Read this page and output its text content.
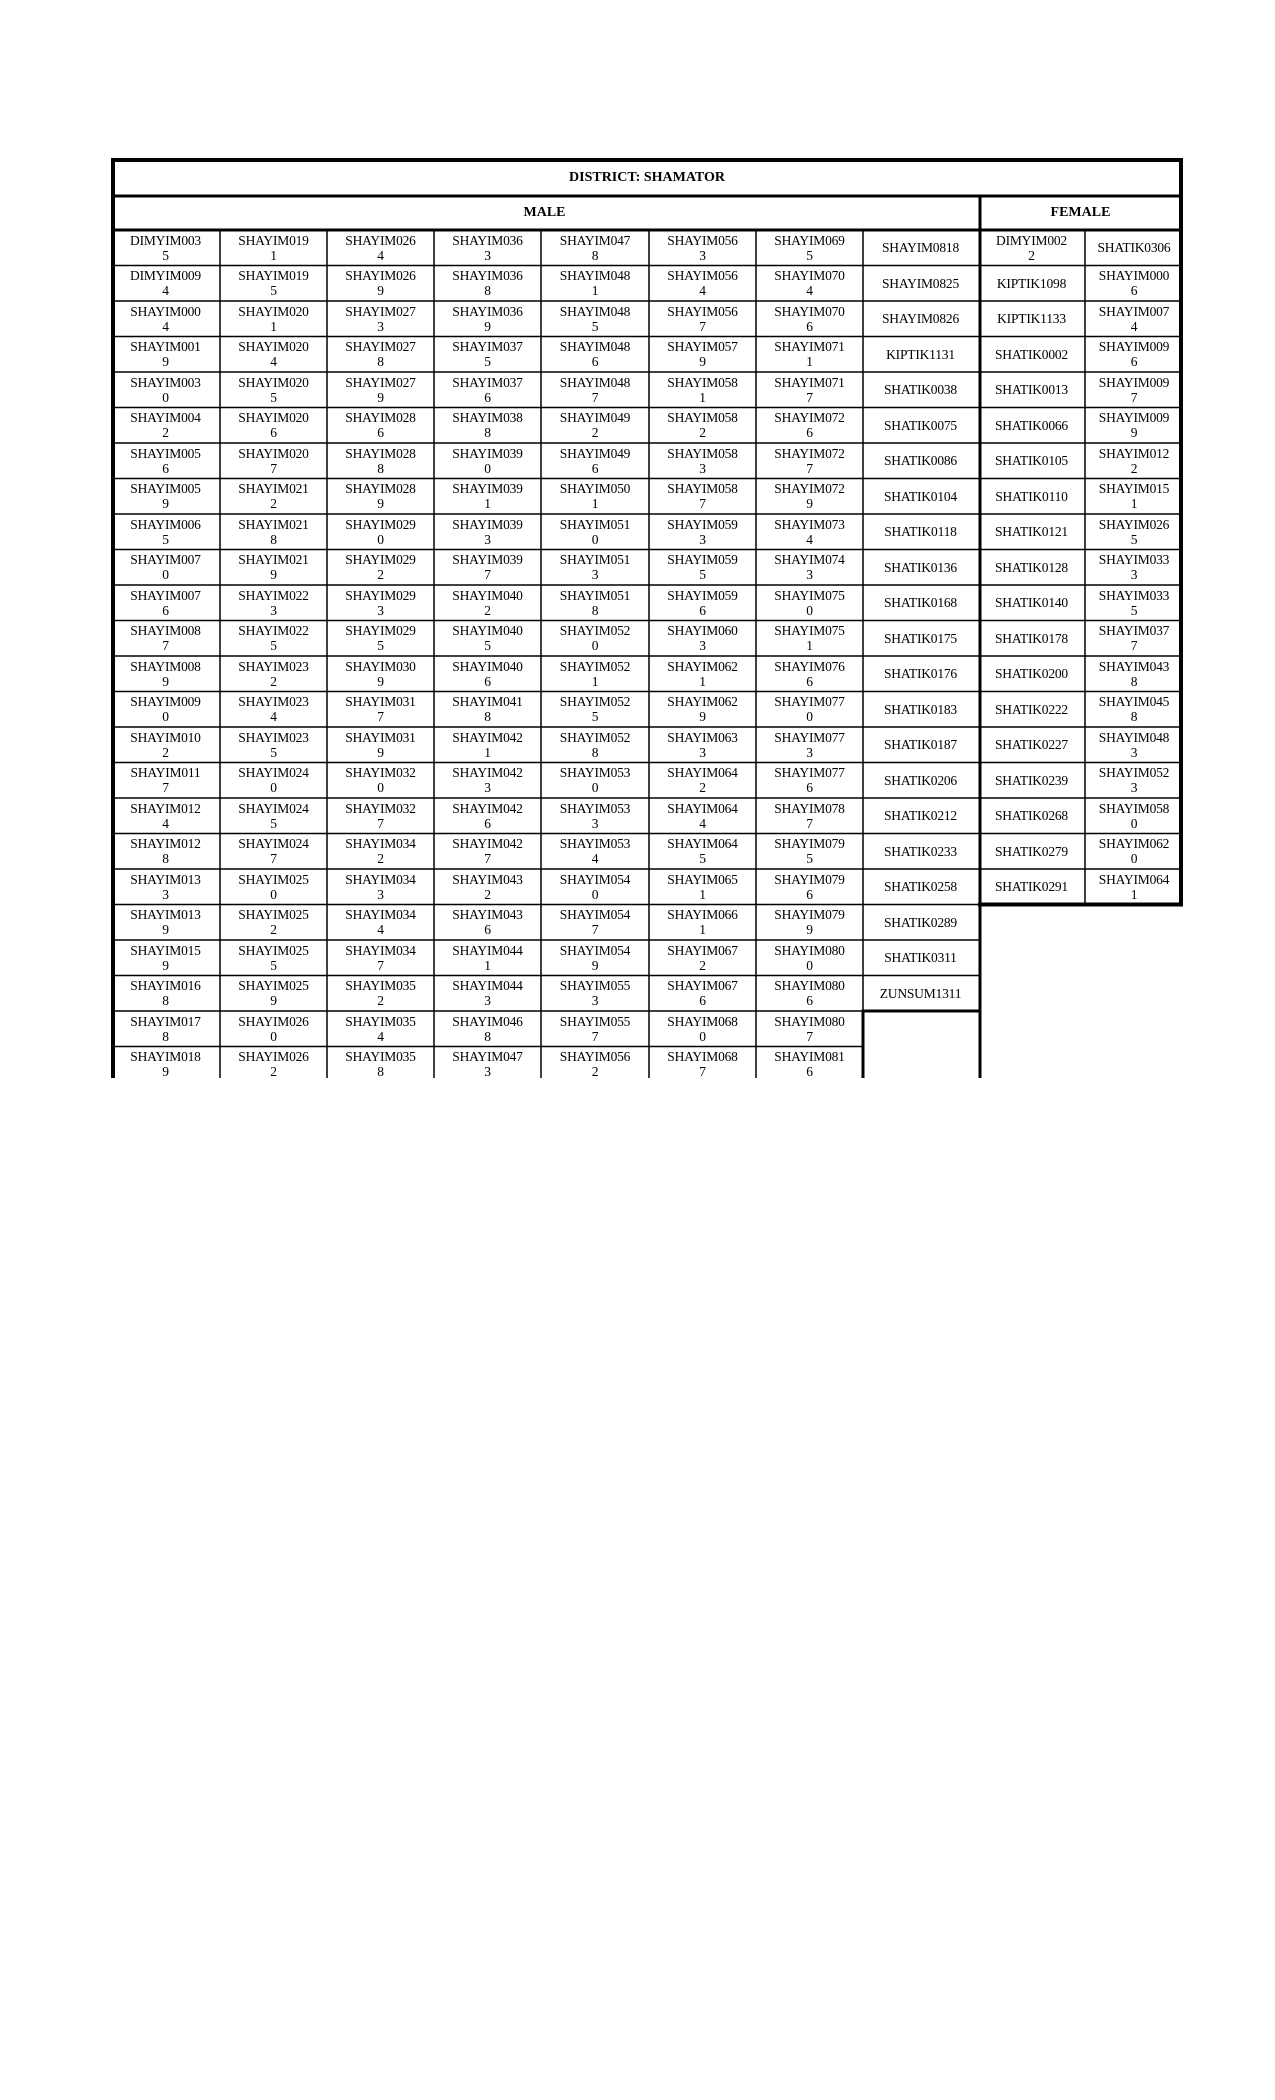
DISTRICT: SHAMATOR
MALE	FEMALE
DIMYIM003
5
DIMYIM009
4
SHAYIM000
4
SHAYIM001
9
SHAYIM003
0
SHAYIM004
2
SHAYIM005
6
SHAYIM005
9
SHAYIM006
5
SHAYIM007
0
SHAYIM007
6
SHAYIM008
7
SHAYIM008
9
SHAYIM009
0
SHAYIM010
2
SHAYIM011
7
SHAYIM012
4
SHAYIM012
8
SHAYIM013
3
SHAYIM013
9
SHAYIM015
9
SHAYIM016
8
SHAYIM017
8
SHAYIM018
9
SHAYIM019
1
SHAYIM019
5
SHAYIM020
1
SHAYIM020
4
SHAYIM020
5
SHAYIM020
6
SHAYIM020
7
SHAYIM021
2
SHAYIM021
8
SHAYIM021
9
SHAYIM022
3
SHAYIM022
5
SHAYIM023
2
SHAYIM023
4
SHAYIM023
5
SHAYIM024
0
SHAYIM024
5
SHAYIM024
7
SHAYIM025
0
SHAYIM025
2
SHAYIM025
5
SHAYIM025
9
SHAYIM026
0
SHAYIM026
2
SHAYIM026
4
SHAYIM026
9
SHAYIM027
3
SHAYIM027
8
SHAYIM027
9
SHAYIM028
6
SHAYIM028
8
SHAYIM028
9
SHAYIM029
0
SHAYIM029
2
SHAYIM029
3
SHAYIM029
5
SHAYIM030
9
SHAYIM031
7
SHAYIM031
9
SHAYIM032
0
SHAYIM032
7
SHAYIM034
2
SHAYIM034
3
SHAYIM034
4
SHAYIM034
7
SHAYIM035
2
SHAYIM035
4
SHAYIM035
8
SHAYIM036
3
SHAYIM036
8
SHAYIM036
9
SHAYIM037
5
SHAYIM037
6
SHAYIM038
8
SHAYIM039
0
SHAYIM039
1
SHAYIM039
3
SHAYIM039
7
SHAYIM040
2
SHAYIM040
5
SHAYIM040
6
SHAYIM041
8
SHAYIM042
1
SHAYIM042
3
SHAYIM042
6
SHAYIM042
7
SHAYIM043
2
SHAYIM043
6
SHAYIM044
1
SHAYIM044
3
SHAYIM046
8
SHAYIM047
3
SHAYIM047
8
SHAYIM048
1
SHAYIM048
5
SHAYIM048
6
SHAYIM048
7
SHAYIM049
2
SHAYIM049
6
SHAYIM050
1
SHAYIM051
0
SHAYIM051
3
SHAYIM051
8
SHAYIM052
0
SHAYIM052
1
SHAYIM052
5
SHAYIM052
8
SHAYIM053
0
SHAYIM053
3
SHAYIM053
4
SHAYIM054
0
SHAYIM054
7
SHAYIM054
9
SHAYIM055
3
SHAYIM055
7
SHAYIM056
2
SHAYIM056
3
SHAYIM056
4
SHAYIM056
7
SHAYIM057
9
SHAYIM058
1
SHAYIM058
2
SHAYIM058
3
SHAYIM058
7
SHAYIM059
3
SHAYIM059
5
SHAYIM059
6
SHAYIM060
3
SHAYIM062
1
SHAYIM062
9
SHAYIM063
3
SHAYIM064
2
SHAYIM064
4
SHAYIM064
5
SHAYIM065
1
SHAYIM066
1
SHAYIM067
2
SHAYIM067
6
SHAYIM068
0
SHAYIM068
7
SHAYIM069
5
SHAYIM070
4
SHAYIM070
6
SHAYIM071
1
SHAYIM071
7
SHAYIM072
6
SHAYIM072
7
SHAYIM072
9
SHAYIM073
4
SHAYIM074
3
SHAYIM075
0
SHAYIM075
1
SHAYIM076
6
SHAYIM077
0
SHAYIM077
3
SHAYIM077
6
SHAYIM078
7
SHAYIM079
5
SHAYIM079
6
SHAYIM079
9
SHAYIM080
0
SHAYIM080
6
SHAYIM080
7
SHAYIM081
6
SHAYIM0818
SHAYIM0825
SHAYIM0826
KIPTIK1131
SHATIK0038
SHATIK0075
SHATIK0086
SHATIK0104
SHATIK0118
SHATIK0136
SHATIK0168
SHATIK0175
SHATIK0176
SHATIK0183
SHATIK0187
SHATIK0206
SHATIK0212
SHATIK0233
SHATIK0258
SHATIK0289
SHATIK0311
ZUNSUM1311
DIMYIM002
2
KIPTIK1098
KIPTIK1133
SHATIK0002
SHATIK0013
SHATIK0066
SHATIK0105
SHATIK0110
SHATIK0121
SHATIK0128
SHATIK0140
SHATIK0178
SHATIK0200
SHATIK0222
SHATIK0227
SHATIK0239
SHATIK0268
SHATIK0279
SHATIK0291
SHATIK0306
SHAYIM000
6
SHAYIM007
4
SHAYIM009
6
SHAYIM009
7
SHAYIM009
9
SHAYIM012
2
SHAYIM015
1
SHAYIM026
5
SHAYIM033
3
SHAYIM033
5
SHAYIM037
7
SHAYIM043
8
SHAYIM045
8
SHAYIM048
3
SHAYIM052
3
SHAYIM058
0
SHAYIM062
0
SHAYIM064
1
